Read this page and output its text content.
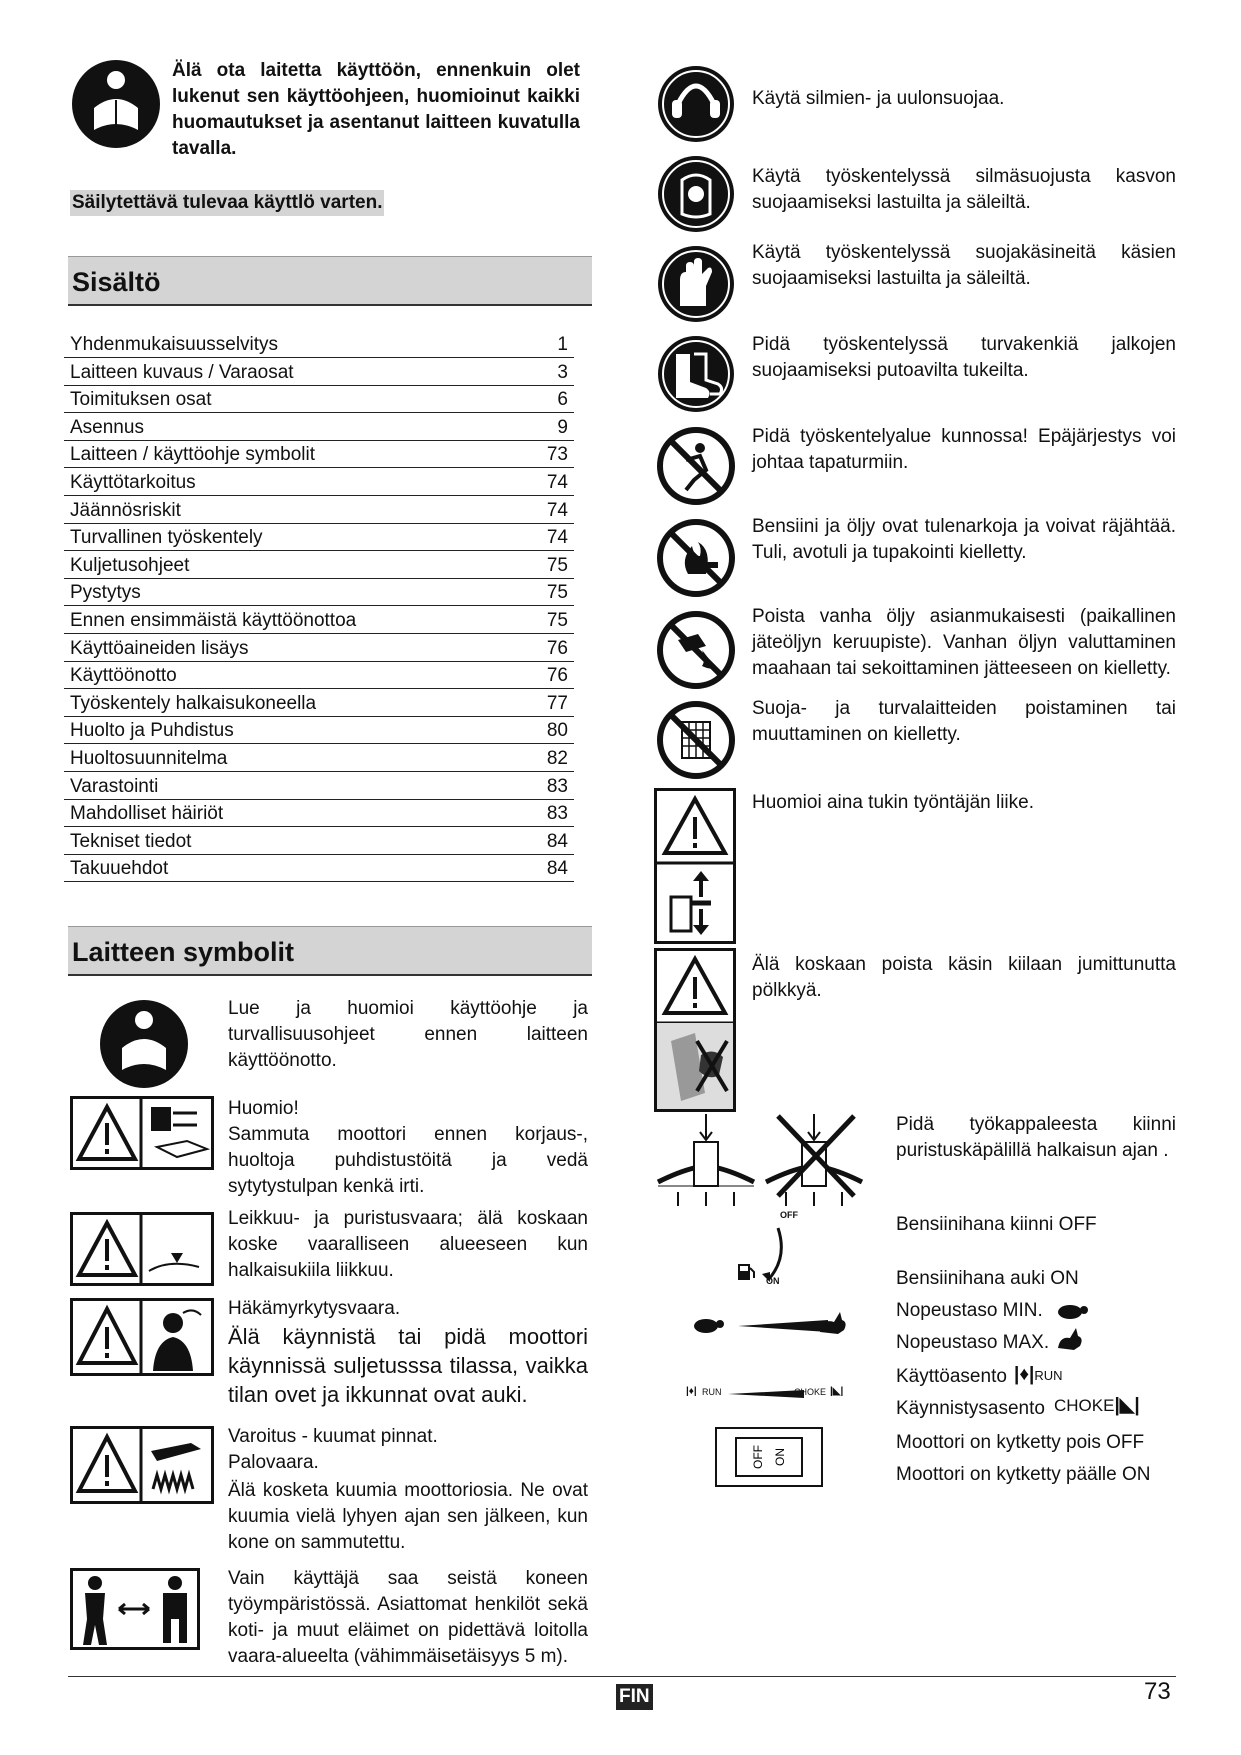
Älä ota laitetta käyttöön, ennenkuin olet lukenut sen käyttöohjeen, huomioinut kaikki huomautukset ja asentanut laitteen kuvatulla tavalla.
Säilytettävä tulevaa käyttlö varten.
Sisältö
Yhdenmukaisuusselvitys	1
Laitteen kuvaus / Varaosat	3
Toimituksen osat	6
Asennus	9
Laitteen / käyttöohje symbolit	73
Käyttötarkoitus	74
Jäännösriskit	74
Turvallinen työskentely	74
Kuljetusohjeet	75
Pystytys	75
Ennen ensimmäistä käyttöönottoa	75
Käyttöaineiden lisäys	76
Käyttöönotto	76
Työskentely halkaisukoneella	77
Huolto ja Puhdistus	80
Huoltosuunnitelma	82
Varastointi	83
Mahdolliset häiriöt	83
Tekniset tiedot	84
Takuuehdot	84
Laitteen symbolit
Lue ja huomioi käyttöohje ja turvallisuusohjeet ennen laitteen käyttöönotto.
Huomio!
Sammuta moottori ennen korjaus-, huoltoja puhdistustöitä ja vedä sytytystulpan kenkä irti.
Leikkuu- ja puristusvaara; älä koskaan koske vaaralliseen alueeseen kun halkaisukiila liikkuu.
Häkämyrkytysvaara.
Älä käynnistä tai pidä moottori käynnissä suljetusssa tilassa, vaikka tilan ovet ja ikkunnat ovat auki.
Varoitus - kuumat pinnat.
Palovaara.
Älä kosketa kuumia moottoriosia. Ne ovat kuumia vielä lyhyen ajan sen jälkeen, kun kone on sammutettu.
Vain käyttäjä saa seistä koneen työympäristössä. Asiattomat henkilöt sekä koti- ja muut eläimet on pidettävä loitolla vaara-alueelta (vähimmäisetäisyys 5 m).
Käytä silmien- ja uulonsuojaa.
Käytä työskentelyssä silmäsuojusta kasvon suojaamiseksi lastuilta ja säleiltä.
Käytä työskentelyssä suojakäsineitä käsien suojaamiseksi lastuilta ja säleiltä.
Pidä työskentelyssä turvakenkiä jalkojen suojaamiseksi putoavilta tukeilta.
Pidä työskentelyalue kunnossa! Epäjärjestys voi johtaa tapaturmiin.
Bensiini ja öljy ovat tulenarkoja ja voivat räjähtää. Tuli, avotuli ja tupakointi kielletty.
Poista vanha öljy asianmukaisesti (paikallinen jäteöljyn keruupiste). Vanhan öljyn valuttaminen maahaan tai sekoittaminen jätteeseen on kielletty.
Suoja- ja turvalaitteiden poistaminen tai muuttaminen on kielletty.
Huomioi aina tukin työntäjän liike.
Älä koskaan poista käsin kiilaan jumittunutta pölkkyä.
Pidä työkappaleesta kiinni puristuskäpälillä halkaisun ajan .
OFF
ON
Bensiinihana kiinni OFF
Bensiinihana auki ON
Nopeustaso MIN.
Nopeustaso MAX.
|♦| RUN	CHOKE |◣|
Käyttöasento |♦|RUN
Käynnistysasento CHOKE|◣|
OFF ON
Moottori on kytketty pois OFF
Moottori on kytketty päälle ON
FIN	73
